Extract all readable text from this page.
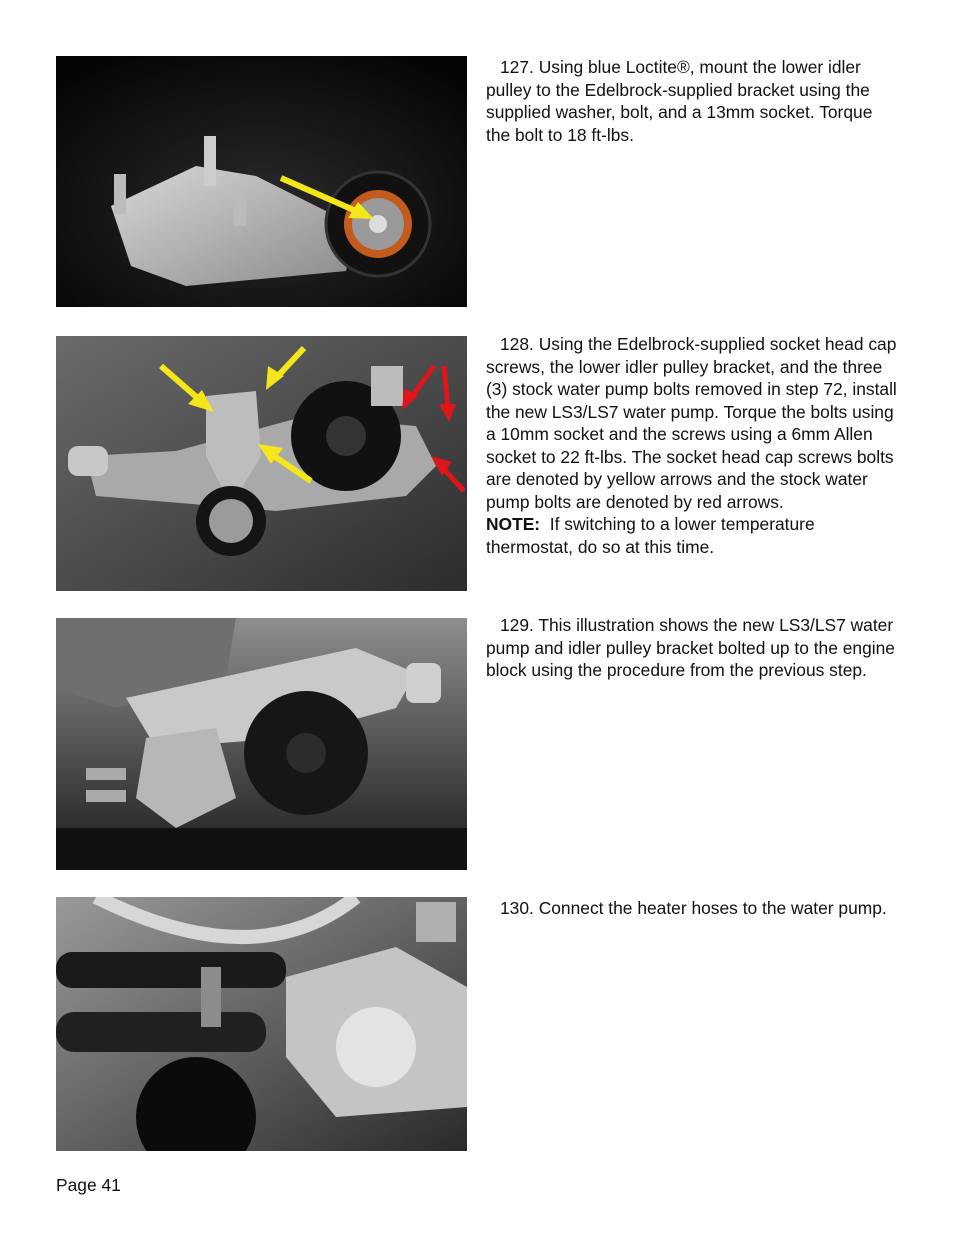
127. Using blue Loctite®, mount the lower idler pulley to the Edelbrock-supplied bracket using the supplied washer, bolt, and a 13mm socket. Torque the bolt to 18 ft-lbs.

128. Using the Edelbrock-supplied socket head cap screws, the lower idler pulley bracket, and the three (3) stock water pump bolts removed in step 72, install the new LS3/LS7 water pump. Torque the bolts using a 10mm socket and the screws using a 6mm Allen socket to 22 ft-lbs. The socket head cap screws bolts are denoted by yellow arrows and the stock water pump bolts are denoted by red arrows.
NOTE: If switching to a lower temperature thermostat, do so at this time.

129. This illustration shows the new LS3/LS7 water pump and idler pulley bracket bolted up to the engine block using the procedure from the previous step.

130. Connect the heater hoses to the water pump.

Page 41
